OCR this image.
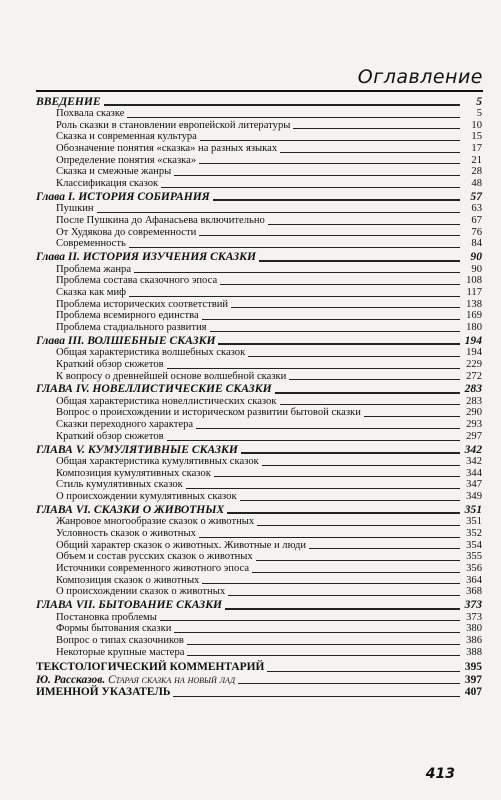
Оглавление
ВВЕДЕНИЕ	5
Похвала сказке	5
Роль сказки в становлении европейской литературы	10
Сказка и современная культура	15
Обозначение понятия «сказка» на разных языках	17
Определение понятия «сказка»	21
Сказка и смежные жанры	28
Классификация сказок	48
Глава I. ИСТОРИЯ СОБИРАНИЯ	57
Пушкин	63
После Пушкина до Афанасьева включительно	67
От Худякова до современности	76
Современность	84
Глава II. ИСТОРИЯ ИЗУЧЕНИЯ СКАЗКИ	90
Проблема жанра	90
Проблема состава сказочного эпоса	108
Сказка как миф	117
Проблема исторических соответствий	138
Проблема всемирного единства	169
Проблема стадиального развития	180
Глава III. ВОЛШЕБНЫЕ СКАЗКИ	194
Общая характеристика волшебных сказок	194
Краткий обзор сюжетов	229
К вопросу о древнейшей основе волшебной сказки	272
ГЛАВА IV. НОВЕЛЛИСТИЧЕСКИЕ СКАЗКИ	283
Общая характеристика новеллистических сказок	283
Вопрос о происхождении и историческом развитии бытовой сказки	290
Сказки переходного характера	293
Краткий обзор сюжетов	297
ГЛАВА V. КУМУЛЯТИВНЫЕ СКАЗКИ	342
Общая характеристика кумулятивных сказок	342
Композиция кумулятивных сказок	344
Стиль кумулятивных сказок	347
О происхождении кумулятивных сказок	349
ГЛАВА VI. СКАЗКИ О ЖИВОТНЫХ	351
Жанровое многообразие сказок о животных	351
Условность сказок о животных	352
Общий характер сказок о животных. Животные и люди	354
Объем и состав русских сказок о животных	355
Источники современного животного эпоса	356
Композиция сказок о животных	364
О происхождении сказок о животных	368
ГЛАВА VII. БЫТОВАНИЕ СКАЗКИ	373
Постановка проблемы	373
Формы бытования сказки	380
Вопрос о типах сказочников	386
Некоторые крупные мастера	388
ТЕКСТОЛОГИЧЕСКИЙ КОММЕНТАРИЙ	395
Ю. Рассказов. Старая сказка на новый лад	397
ИМЕННОЙ УКАЗАТЕЛЬ	407
413
